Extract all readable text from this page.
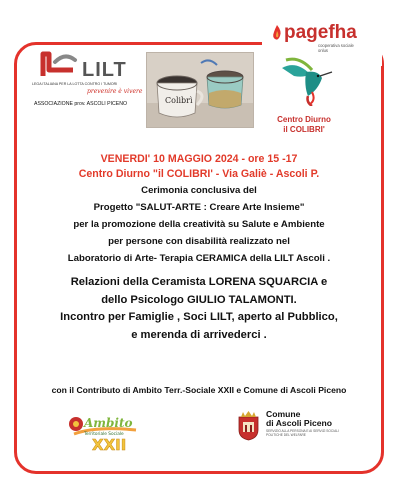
LILT
LEGA ITALIANA PER LA LOTTA CONTRO I TUMORI
prevenire è vivere
ASSOCIAZIONE prov. ASCOLI PICENO	Colibrì
pagefha
cooperativa sociale
onlus
Centro Diurno
il COLIBRI'
VENERDI' 10 MAGGIO 2024 - ore 15 -17
Centro Diurno "il COLIBRI' - Via Galiè - Ascoli P.
Cerimonia conclusiva del
Progetto "SALUT-ARTE : Creare Arte Insieme"
per la promozione della creatività su Salute e Ambiente
per persone con disabilità realizzato nel
Laboratorio di Arte- Terapia CERAMICA della LILT Ascoli .
Relazioni della Ceramista LORENA SQUARCIA e
dello Psicologo GIULIO TALAMONTI.
Incontro per Famiglie , Soci LILT, aperto al Pubblico,
e merenda di arrivederci .
con il Contributo di Ambito Terr.-Sociale XXII e Comune di Ascoli Piceno
Ambito
XXII
Territoriale Sociale
Comune
di Ascoli Piceno
SERVIZIO ALLA PERSONA E AI SERVIZI SOCIALI
POLITICHE DEL WELFARE
